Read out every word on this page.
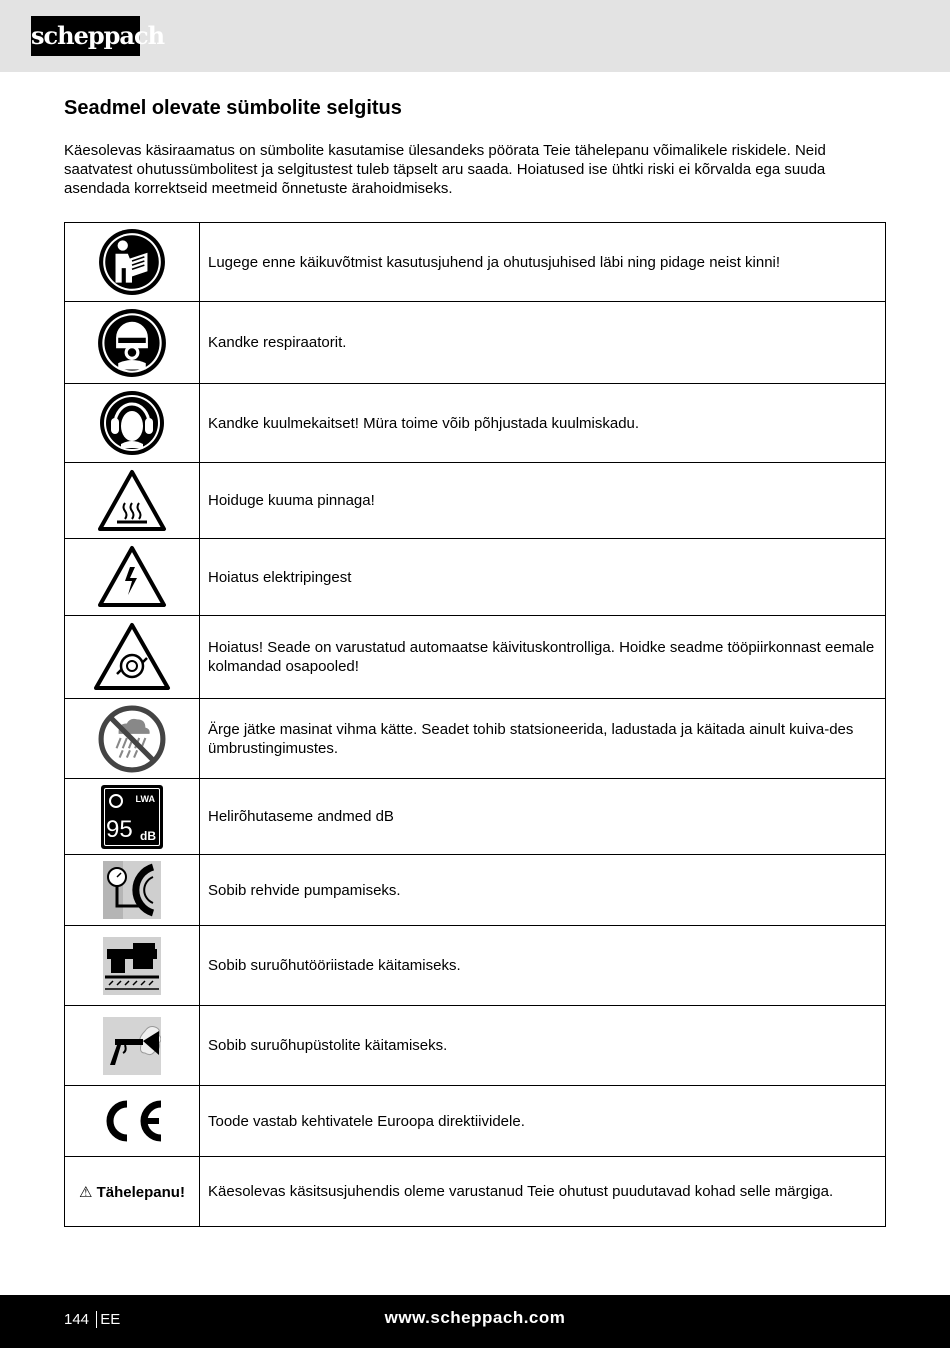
scheppach
Seadmel olevate sümbolite selgitus

Käesolevas käsiraamatus on sümbolite kasutamise ülesandeks pöörata Teie tähelepanu võimalikele riskidele. Neid saatvatest ohutussümbolitest ja selgitustest tuleb täpselt aru saada. Hoiatused ise ühtki riski ei kõrvalda ega suuda asendada korrektseid meetmeid õnnetuste ärahoidmiseks.

	Lugege enne käikuvõtmist kasutusjuhend ja ohutusjuhised läbi ning pidage neist kinni!

	Kandke respiraatorit.

	Kandke kuulmekaitset! Müra toime võib põhjustada kuulmiskadu.

	Hoiduge kuuma pinnaga!

	Hoiatus elektripingest

	Hoiatus! Seade on varustatud automaatse käivituskontrolliga. Hoidke seadme tööpiirkonnast eemale kolmandad osapooled!

	Ärge jätke masinat vihma kätte. Seadet tohib statsioneerida, ladustada ja käitada ainult kuiva-des ümbrustingimustes.

LWA
95 dB	Helirõhutaseme andmed dB

	Sobib rehvide pumpamiseks.

	Sobib suruõhutööriistade käitamiseks.

	Sobib suruõhupüstolite käitamiseks.

	Toode vastab kehtivatele Euroopa direktiividele.
⚠ Tähelepanu!	Käesolevas käsitsusjuhendis oleme varustanud Teie ohutust puudutavad kohad selle märgiga.
144 EE	www.scheppach.com
